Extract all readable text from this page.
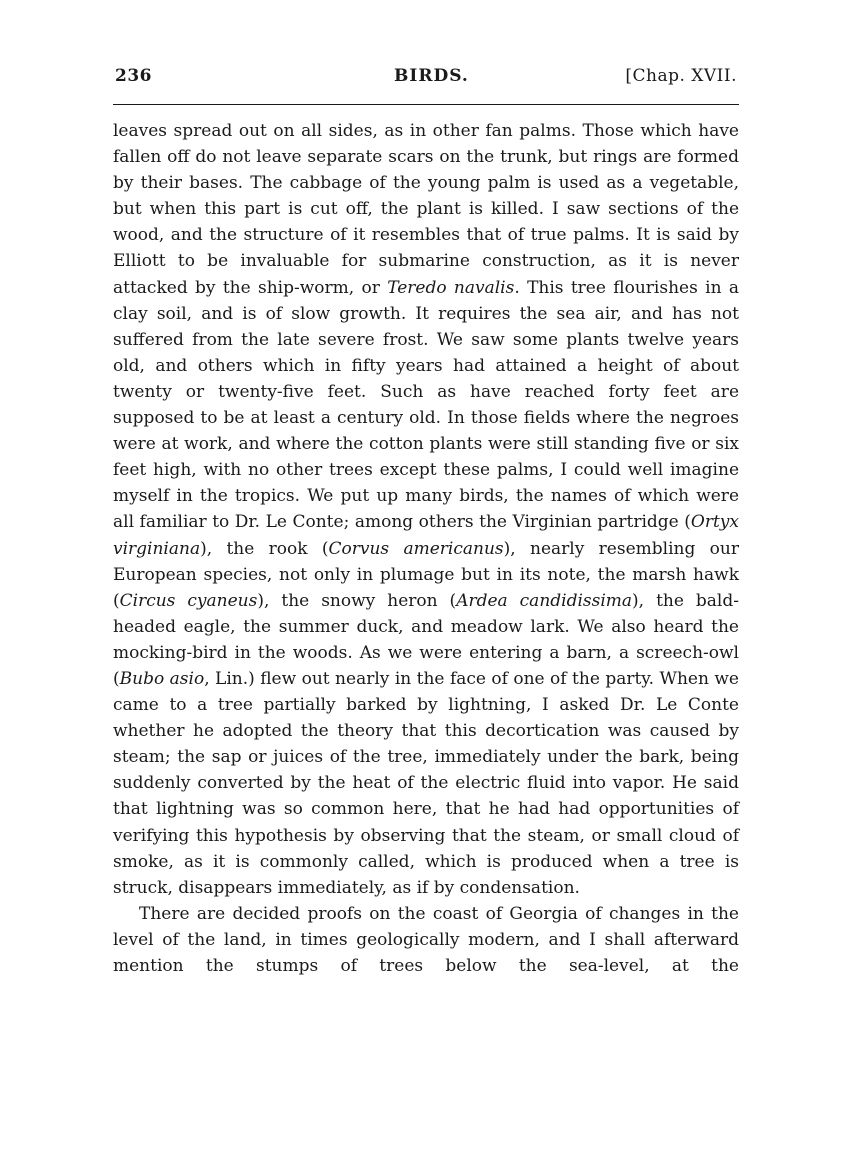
236	BIRDS.	[Chap. XVII.

leaves spread out on all sides, as in other fan palms. Those which have fallen off do not leave separate scars on the trunk, but rings are formed by their bases. The cabbage of the young palm is used as a vegetable, but when this part is cut off, the plant is killed. I saw sections of the wood, and the structure of it resembles that of true palms. It is said by Elliott to be invaluable for submarine construction, as it is never attacked by the ship-worm, or Teredo navalis. This tree flourishes in a clay soil, and is of slow growth. It requires the sea air, and has not suffered from the late severe frost. We saw some plants twelve years old, and others which in fifty years had attained a height of about twenty or twenty-five feet. Such as have reached forty feet are supposed to be at least a century old. In those fields where the negroes were at work, and where the cotton plants were still standing five or six feet high, with no other trees except these palms, I could well imagine myself in the tropics. We put up many birds, the names of which were all familiar to Dr. Le Conte; among others the Virginian partridge (Ortyx virginiana), the rook (Corvus americanus), nearly resembling our European species, not only in plumage but in its note, the marsh hawk (Circus cyaneus), the snowy heron (Ardea candidissima), the bald-headed eagle, the summer duck, and meadow lark. We also heard the mocking-bird in the woods. As we were entering a barn, a screech-owl (Bubo asio, Lin.) flew out nearly in the face of one of the party. When we came to a tree partially barked by lightning, I asked Dr. Le Conte whether he adopted the theory that this decortication was caused by steam; the sap or juices of the tree, immediately under the bark, being suddenly converted by the heat of the electric fluid into vapor. He said that lightning was so common here, that he had had opportunities of verifying this hypothesis by observing that the steam, or small cloud of smoke, as it is commonly called, which is produced when a tree is struck, disappears immediately, as if by condensation.

There are decided proofs on the coast of Georgia of changes in the level of the land, in times geologically modern, and I shall afterward mention the stumps of trees below the sea-level, at the
